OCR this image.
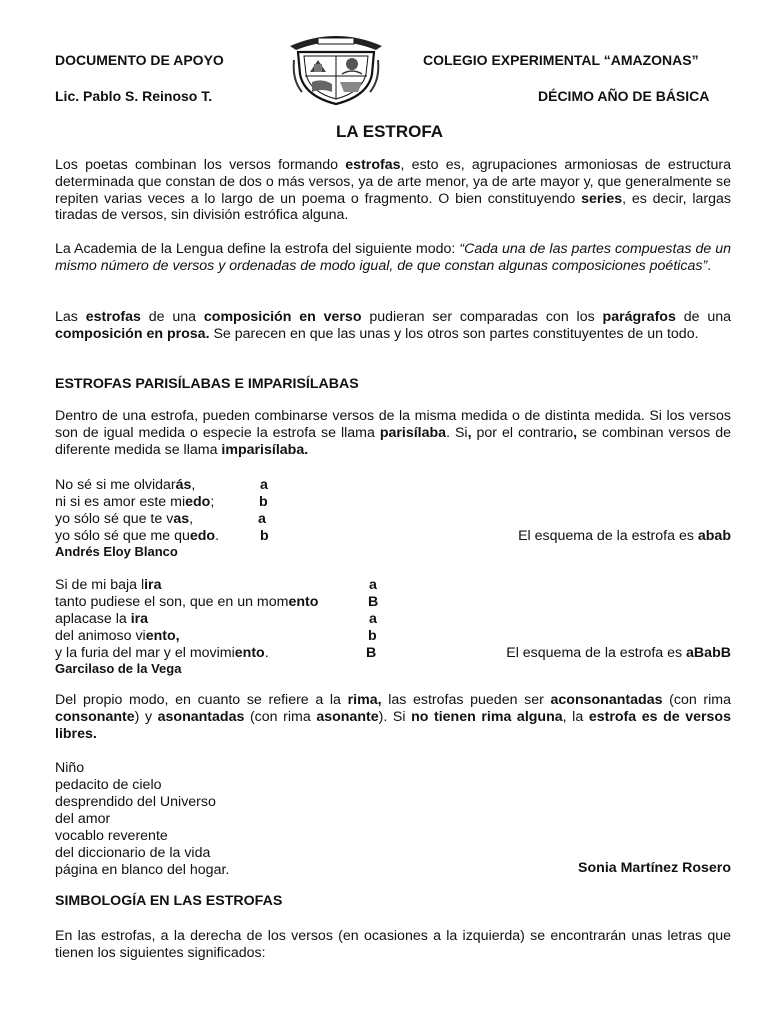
DOCUMENTO DE APOYO	COLEGIO EXPERIMENTAL “AMAZONAS”
Lic. Pablo S. Reinoso T.	DÉCIMO AÑO DE BÁSICA
LA ESTROFA
Los poetas combinan los versos formando estrofas, esto es, agrupaciones armoniosas de estructura determinada que constan de dos o más versos, ya de arte menor, ya de arte mayor y, que generalmente se repiten varias veces a lo largo de un poema o fragmento. O bien constituyendo series, es decir, largas tiradas de versos, sin división estrófica alguna.
La Academia de la Lengua define la estrofa del siguiente modo: “Cada una de las partes compuestas de un mismo número de versos y ordenadas de modo igual, de que constan algunas composiciones poéticas”.
Las estrofas de una composición en verso pudieran ser comparadas con los parágrafos de una composición en prosa. Se parecen en que las unas y los otros son partes constituyentes de un todo.
ESTROFAS PARISÍLABAS E IMPARISÍLABAS
Dentro de una estrofa, pueden combinarse versos de la misma medida o de distinta medida. Si los versos son de igual medida o especie la estrofa se llama parisílaba. Si, por el contrario, se combinan versos de diferente medida se llama imparisílaba.
No sé si me olvidarás,	a
ni si es amor este miedo;	b
yo sólo sé que te vas,	a
yo sólo sé que me quedo.	b	El esquema de la estrofa es abab
Andrés Eloy Blanco
Si de mi baja lira	a
tanto pudiese el son, que en un momento	B
aplacase la ira	a
del animoso viento,	b
y la furia del mar y el movimiento.	B	El esquema de la estrofa es aBabB
Garcilaso de la Vega
Del propio modo, en cuanto se refiere a la rima, las estrofas pueden ser aconsonantadas (con rima consonante) y asonantadas (con rima asonante). Si no tienen rima alguna, la estrofa es de versos libres.
Niño
pedacito de cielo
desprendido del Universo
del amor
vocablo reverente
del diccionario de la vida
página en blanco del hogar.	Sonia Martínez Rosero
SIMBOLOGÍA EN LAS ESTROFAS
En las estrofas, a la derecha de los versos (en ocasiones a la izquierda) se encontrarán unas letras que tienen los siguientes significados:
